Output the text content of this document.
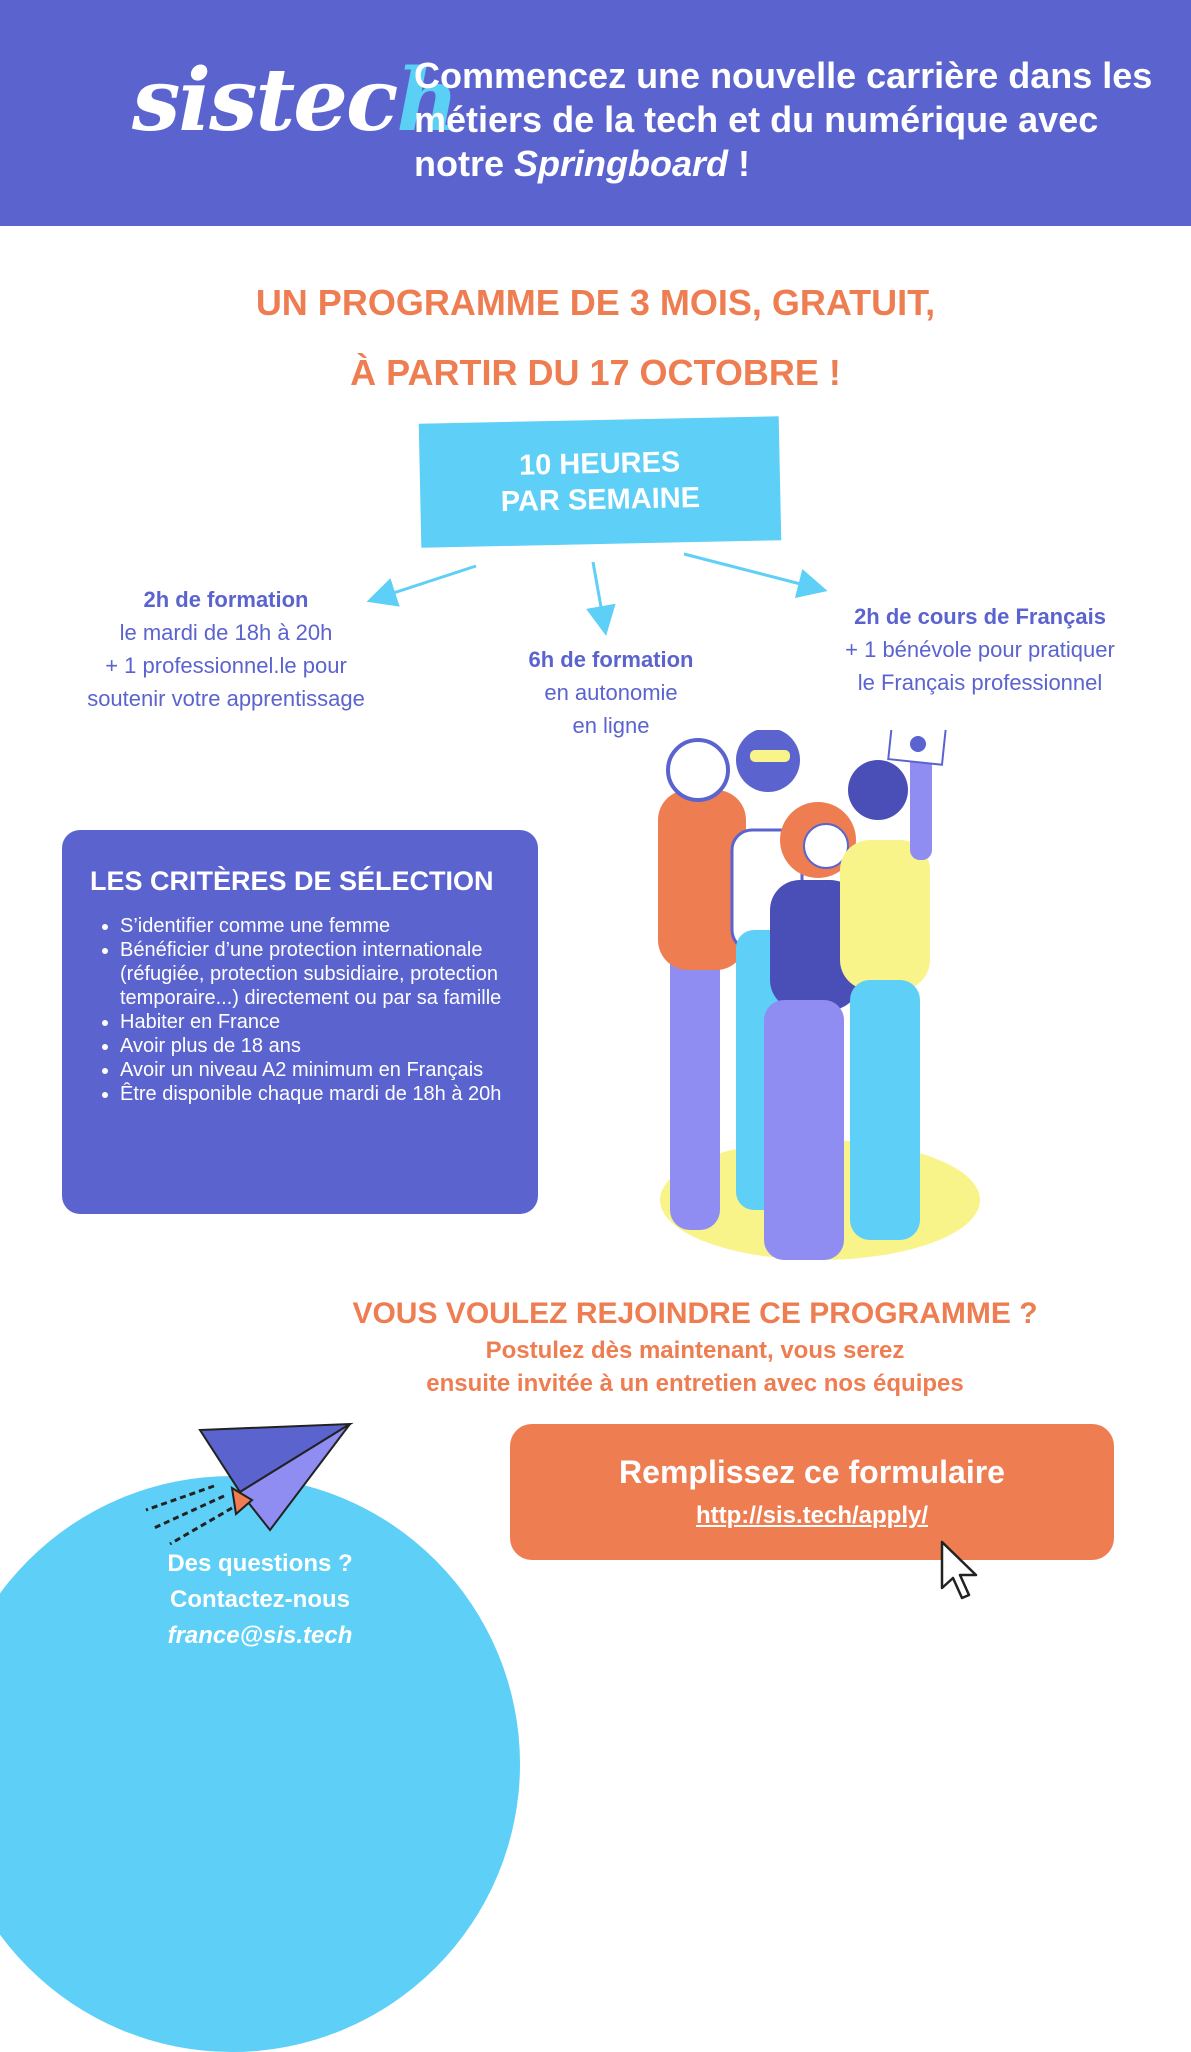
sistech
Commencez une nouvelle carrière dans les métiers de la tech et du numérique avec notre Springboard !
UN PROGRAMME DE 3 MOIS, GRATUIT,
À PARTIR DU 17 OCTOBRE !
10 HEURES
PAR SEMAINE
2h de formation
le mardi de 18h à 20h
+ 1 professionnel.le pour
soutenir votre apprentissage
6h de formation
en autonomie
en ligne
2h de cours de Français
+ 1 bénévole pour pratiquer
le Français professionnel
LES CRITÈRES DE SÉLECTION
• S’identifier comme une femme
• Bénéficier d’une protection internationale (réfugiée, protection subsidiaire, protection temporaire...) directement ou par sa famille
• Habiter en France
• Avoir plus de 18 ans
• Avoir un niveau A2 minimum en Français
• Être disponible chaque mardi de 18h à 20h
VOUS VOULEZ REJOINDRE CE PROGRAMME ?
Postulez dès maintenant, vous serez
ensuite invitée à un entretien avec nos équipes
Remplissez ce formulaire
http://sis.tech/apply/
Des questions ?
Contactez-nous
france@sis.tech
